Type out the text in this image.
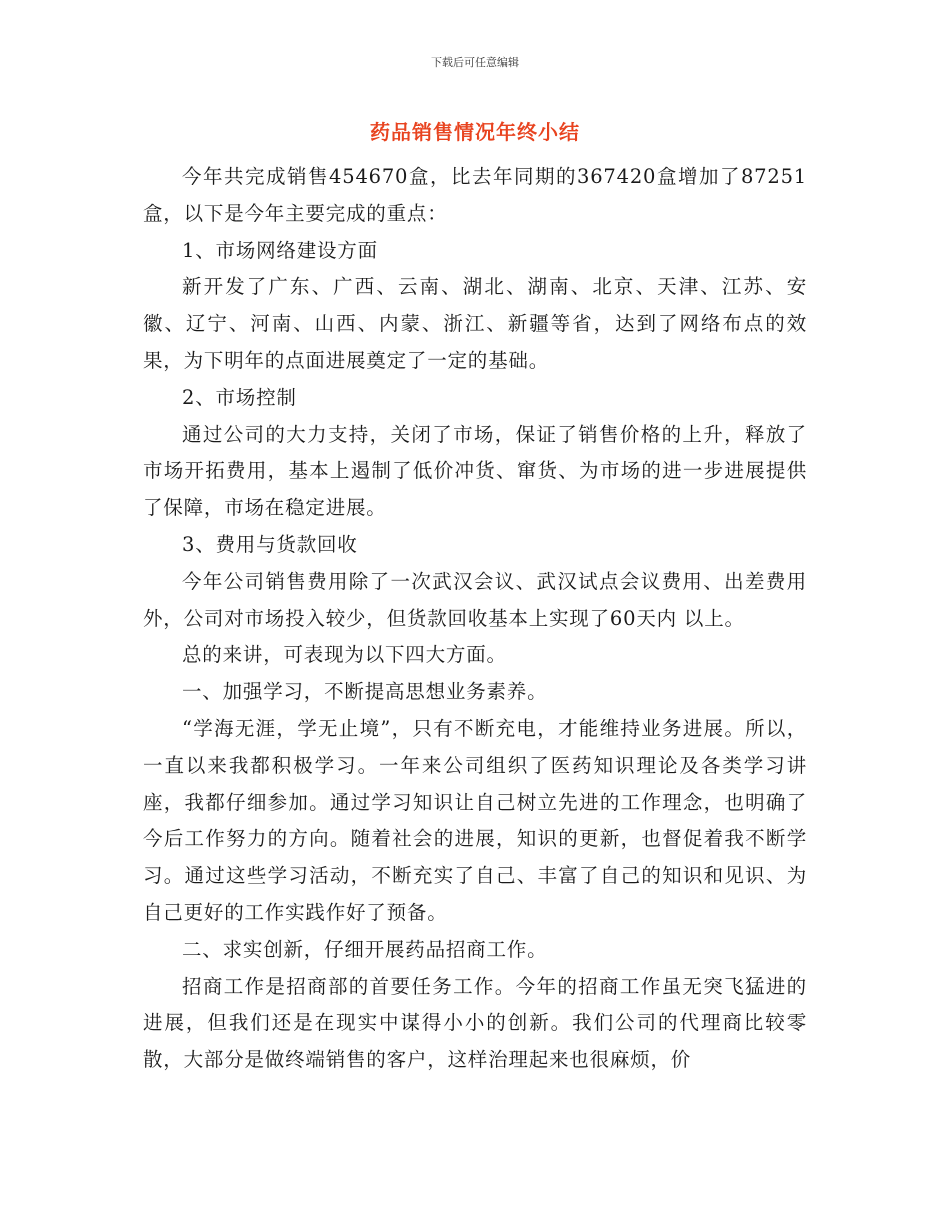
下载后可任意编辑
药品销售情况年终小结

今年共完成销售454670盒，比去年同期的367420盒增加了87251盒，以下是今年主要完成的重点：

1、市场网络建设方面

新开发了广东、广西、云南、湖北、湖南、北京、天津、江苏、安徽、辽宁、河南、山西、内蒙、浙江、新疆等省，达到了网络布点的效果，为下明年的点面进展奠定了一定的基础。

2、市场控制

通过公司的大力支持，关闭了市场，保证了销售价格的上升，释放了市场开拓费用，基本上遏制了低价冲货、窜货、为市场的进一步进展提供了保障，市场在稳定进展。

3、费用与货款回收

今年公司销售费用除了一次武汉会议、武汉试点会议费用、出差费用外，公司对市场投入较少，但货款回收基本上实现了60天内 以上。

总的来讲，可表现为以下四大方面。

一、加强学习，不断提高思想业务素养。

“学海无涯，学无止境”，只有不断充电，才能维持业务进展。所以，一直以来我都积极学习。一年来公司组织了医药知识理论及各类学习讲座，我都仔细参加。通过学习知识让自己树立先进的工作理念，也明确了今后工作努力的方向。随着社会的进展，知识的更新，也督促着我不断学习。通过这些学习活动，不断充实了自己、丰富了自己的知识和见识、为自己更好的工作实践作好了预备。

二、求实创新，仔细开展药品招商工作。

招商工作是招商部的首要任务工作。今年的招商工作虽无突飞猛进的进展，但我们还是在现实中谋得小小的创新。我们公司的代理商比较零散，大部分是做终端销售的客户，这样治理起来也很麻烦，价
